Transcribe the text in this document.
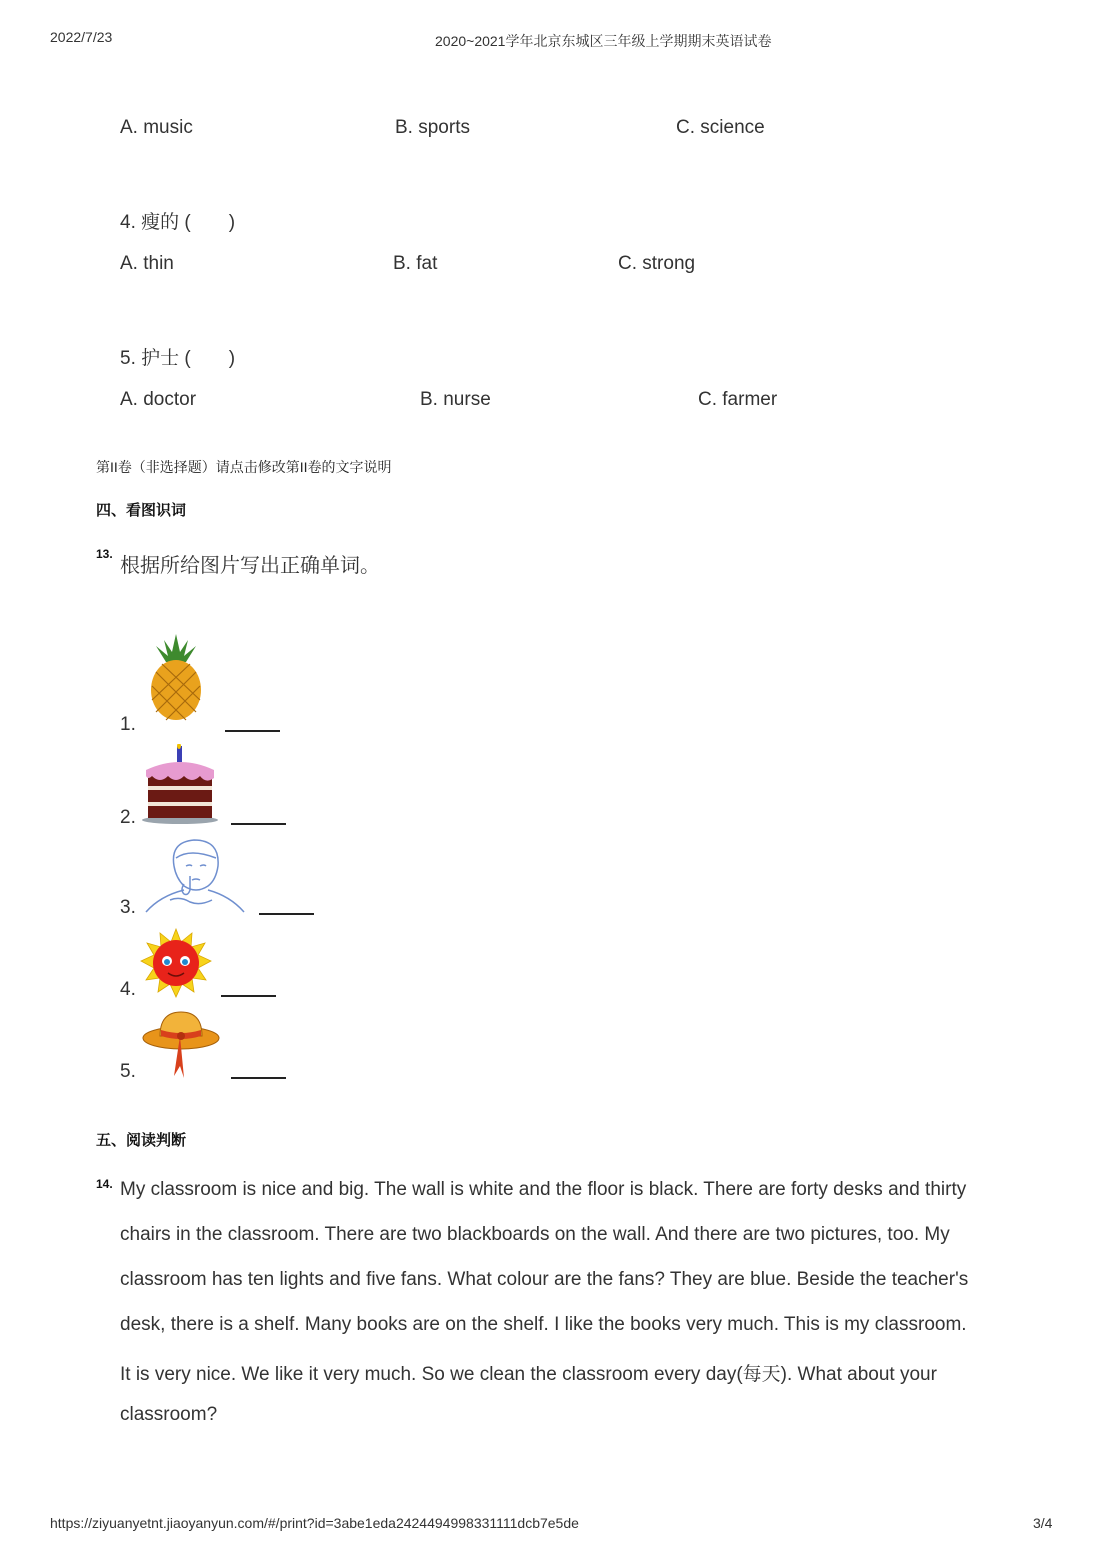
2022/7/23	2020~2021学年北京东城区三年级上学期期末英语试卷
A. music	B. sports	C. science
4. 瘦的 (　　)
A. thin	B. fat	C. strong
5. 护士 (　　)
A. doctor	B. nurse	C. farmer
第II卷（非选择题）请点击修改第II卷的文字说明
四、看图识词
13.
根据所给图片写出正确单词。
1.
2.
3.
4.
5.
五、阅读判断
14. My classroom is nice and big. The wall is white and the floor is black. There are forty desks and thirty
chairs in the classroom. There are two blackboards on the wall. And there are two pictures, too. My
classroom has ten lights and five fans. What colour are the fans? They are blue. Beside the teacher's
desk, there is a shelf. Many books are on the shelf. I like the books very much. This is my classroom.
It is very nice. We like it very much. So we clean the classroom every day(每天). What about your
classroom?
https://ziyuanyetnt.jiaoyanyun.com/#/print?id=3abe1eda2424494998331111dcb7e5de	3/4
